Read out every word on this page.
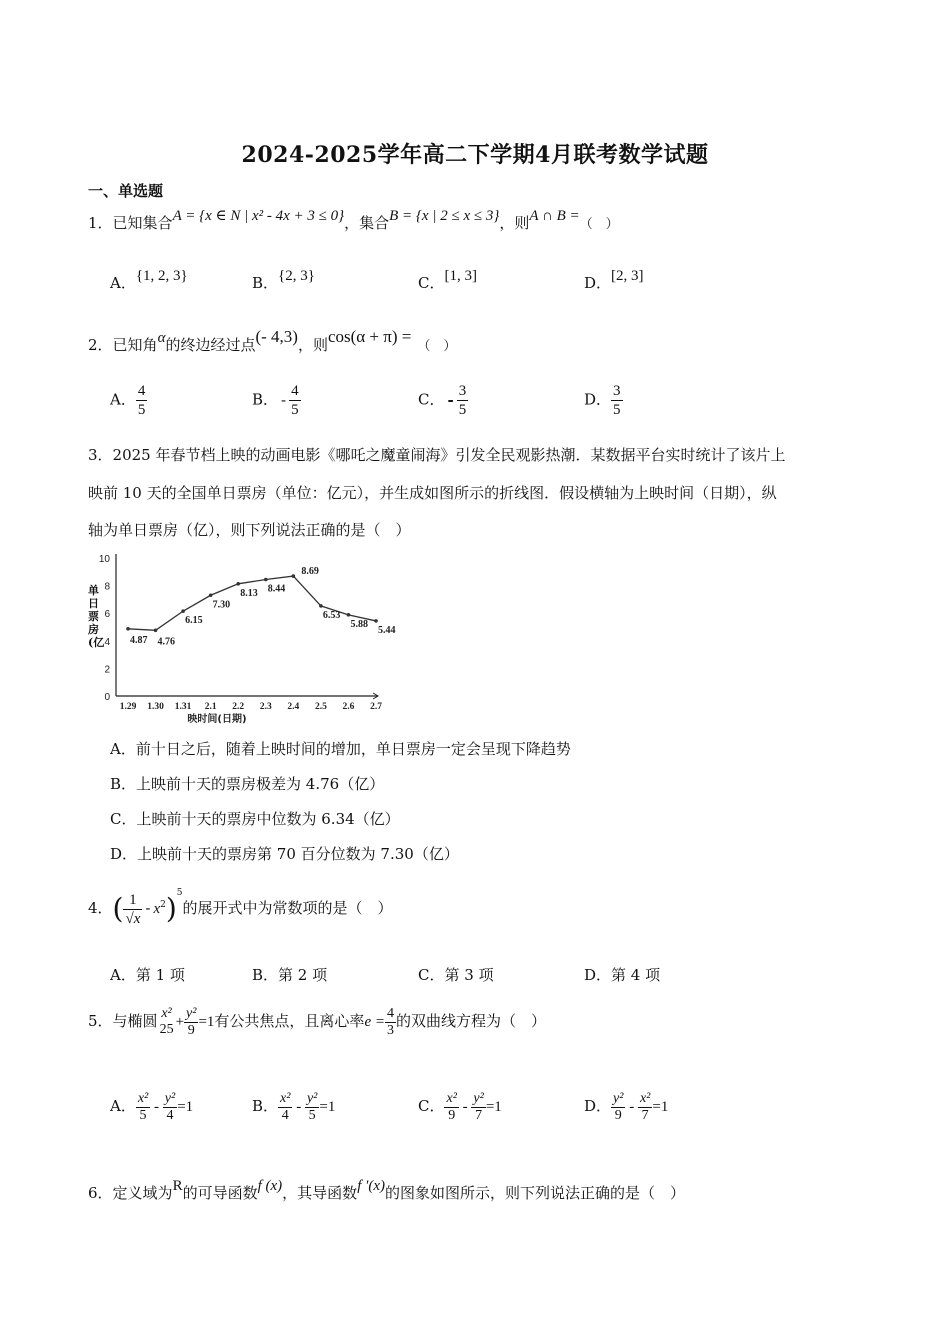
2024-2025学年高二下学期4月联考数学试题
一、单选题
1．已知集合A = {x ∈ N | x² - 4x + 3 ≤ 0}，集合B = {x | 2 ≤ x ≤ 3}，则A ∩ B =（　）
A．{1, 2, 3}	B．{2, 3}	C．[1, 3]	D．[2, 3]
2．已知角α的终边经过点(- 4,3)，则cos(α + π) =（　）
A． $\frac{4}{5}$	B． - $\frac{4}{5}$	C． - $\frac{3}{5}$	D． $\frac{3}{5}$
3．2025 年春节档上映的动画电影《哪吒之魔童闹海》引发全民观影热潮．某数据平台实时统计了该片上
映前 10 天的全国单日票房（单位：亿元），并生成如图所示的折线图．假设横轴为上映时间（日期），纵
轴为单日票房（亿），则下列说法正确的是（　）
0
2
4
6
8
10
1.29 1.30 1.31 2.1 2.2 2.3 2.4 2.5 2.6 2.7
映时间(日期)
4.87 4.76
6.15
7.30
8.13 8.44
8.69
6.53
5.88
5.44
单日票房(亿
A．前十日之后，随着上映时间的增加，单日票房一定会呈现下降趋势
B．上映前十天的票房极差为 4.76（亿）
C．上映前十天的票房中位数为 6.34（亿）
D．上映前十天的票房第 70 百分位数为 7.30（亿）
4．( $\frac{1}{√x} - x^2)^5$的展开式中为常数项的是（　）
A．第 1 项	B．第 2 项	C．第 3 项	D．第 4 项
5．与椭圆 x²
$25 + \frac{\text{y²}}{9} =1$有公共焦点，且离心率$e = \frac{4}{3}$ 的双曲线方程为（　）
A． $\frac{\text{x²}}{5} - \frac{\text{y²}}{4} =1$	B． $\frac{\text{x²}}{4} - \frac{\text{y²}}{5} =1$	C． $\frac{\text{x²}}{9} - \frac{\text{y²}}{7} =1$	D． $\frac{\text{y²}}{9} - \frac{\text{x²}}{7} =1$
6．定义域为R的可导函数f (x)，其导函数f ′(x)的图象如图所示，则下列说法正确的是（　）
